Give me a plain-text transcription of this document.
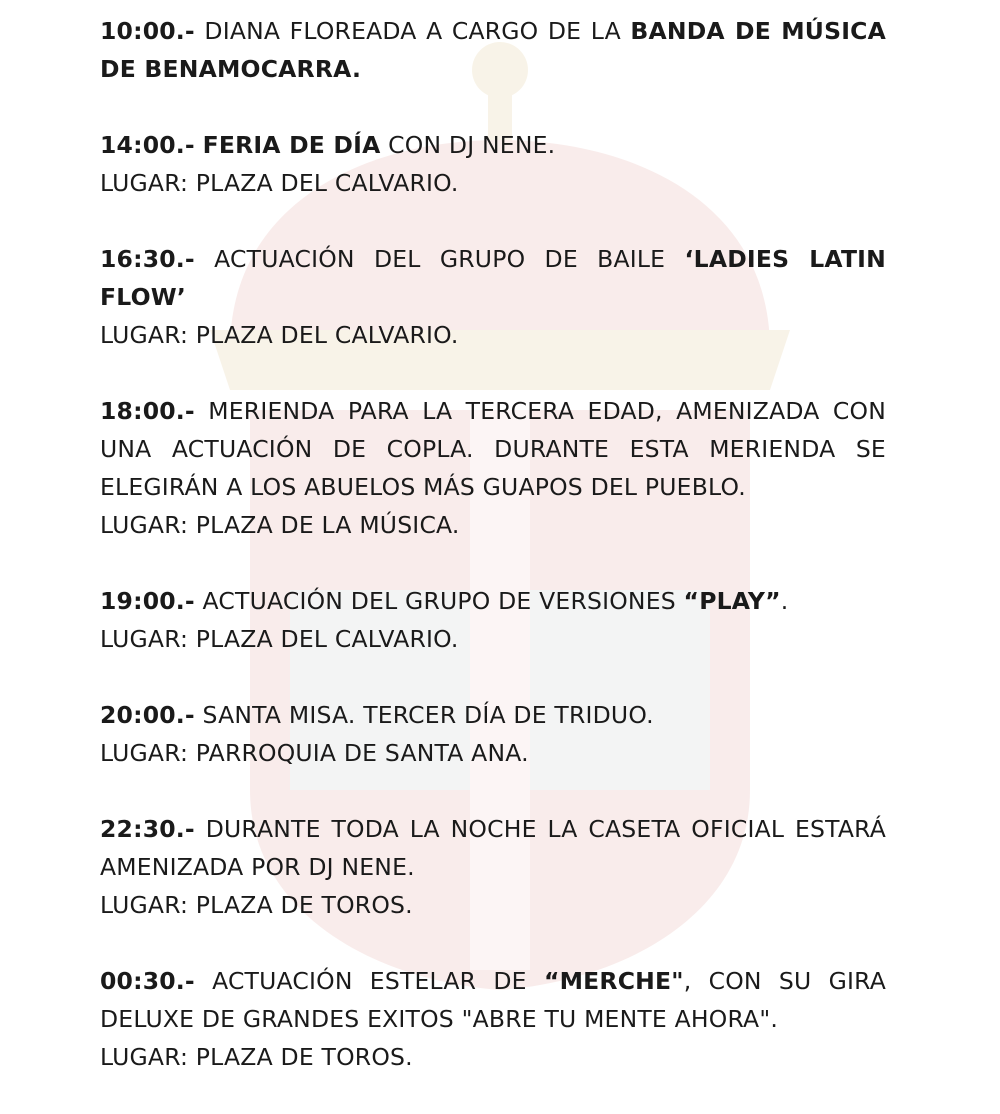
10:00.- DIANA FLOREADA A CARGO DE LA BANDA DE MÚSICA DE BENAMOCARRA.
14:00.- FERIA DE DÍA CON DJ NENE.
LUGAR: PLAZA DEL CALVARIO.
16:30.- ACTUACIÓN DEL GRUPO DE BAILE ‘LADIES LATIN FLOW’
LUGAR: PLAZA DEL CALVARIO.
18:00.- MERIENDA PARA LA TERCERA EDAD, AMENIZADA CON UNA ACTUACIÓN DE COPLA. DURANTE ESTA MERIENDA SE ELEGIRÁN A LOS ABUELOS MÁS GUAPOS DEL PUEBLO.
LUGAR: PLAZA DE LA MÚSICA.
19:00.- ACTUACIÓN DEL GRUPO DE VERSIONES “PLAY”.
LUGAR: PLAZA DEL CALVARIO.
20:00.- SANTA MISA. TERCER DÍA DE TRIDUO.
LUGAR: PARROQUIA DE SANTA ANA.
22:30.- DURANTE TODA LA NOCHE LA CASETA OFICIAL ESTARÁ AMENIZADA POR DJ NENE.
LUGAR: PLAZA DE TOROS.
00:30.- ACTUACIÓN ESTELAR DE “MERCHE", CON SU GIRA DELUXE DE GRANDES EXITOS "ABRE TU MENTE AHORA".
LUGAR: PLAZA DE TOROS.
